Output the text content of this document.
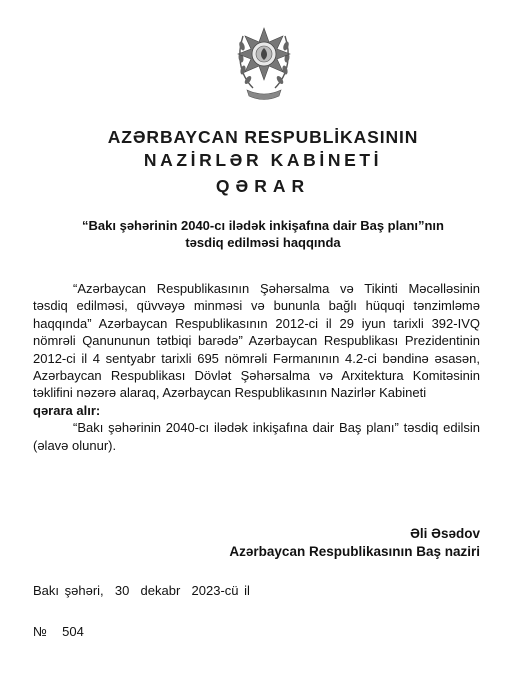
AZƏRBAYCAN RESPUBLİKASININ
NAZİRLƏR KABİNETİ
QƏRAR
“Bakı şəhərinin 2040-cı ilədək inkişafına dair Baş planı”nın
təsdiq edilməsi haqqında

“Azərbaycan Respublikasının Şəhərsalma və Tikinti Məcəlləsinin təsdiq edilməsi, qüvvəyə minməsi və bununla bağlı hüquqi tənzimləmə haqqında” Azərbaycan Respublikasının 2012-ci il 29 iyun tarixli 392-IVQ nömrəli Qanununun tətbiqi barədə” Azərbaycan Respublikası Prezidentinin 2012-ci il 4 sentyabr tarixli 695 nömrəli Fərmanının 4.2-ci bəndinə əsasən, Azərbaycan Respublikası Dövlət Şəhərsalma və Arxitektura Komitəsinin təklifini nəzərə alaraq, Azərbaycan Respublikasının Nazirlər Kabineti

qərara alır:

“Bakı şəhərinin 2040-cı ilədək inkişafına dair Baş planı” təsdiq edilsin (əlavə olunur).

Əli Əsədov
Azərbaycan Respublikasının Baş naziri
Bakı şəhəri,  30  dekabr  2023-cü il
№  504
